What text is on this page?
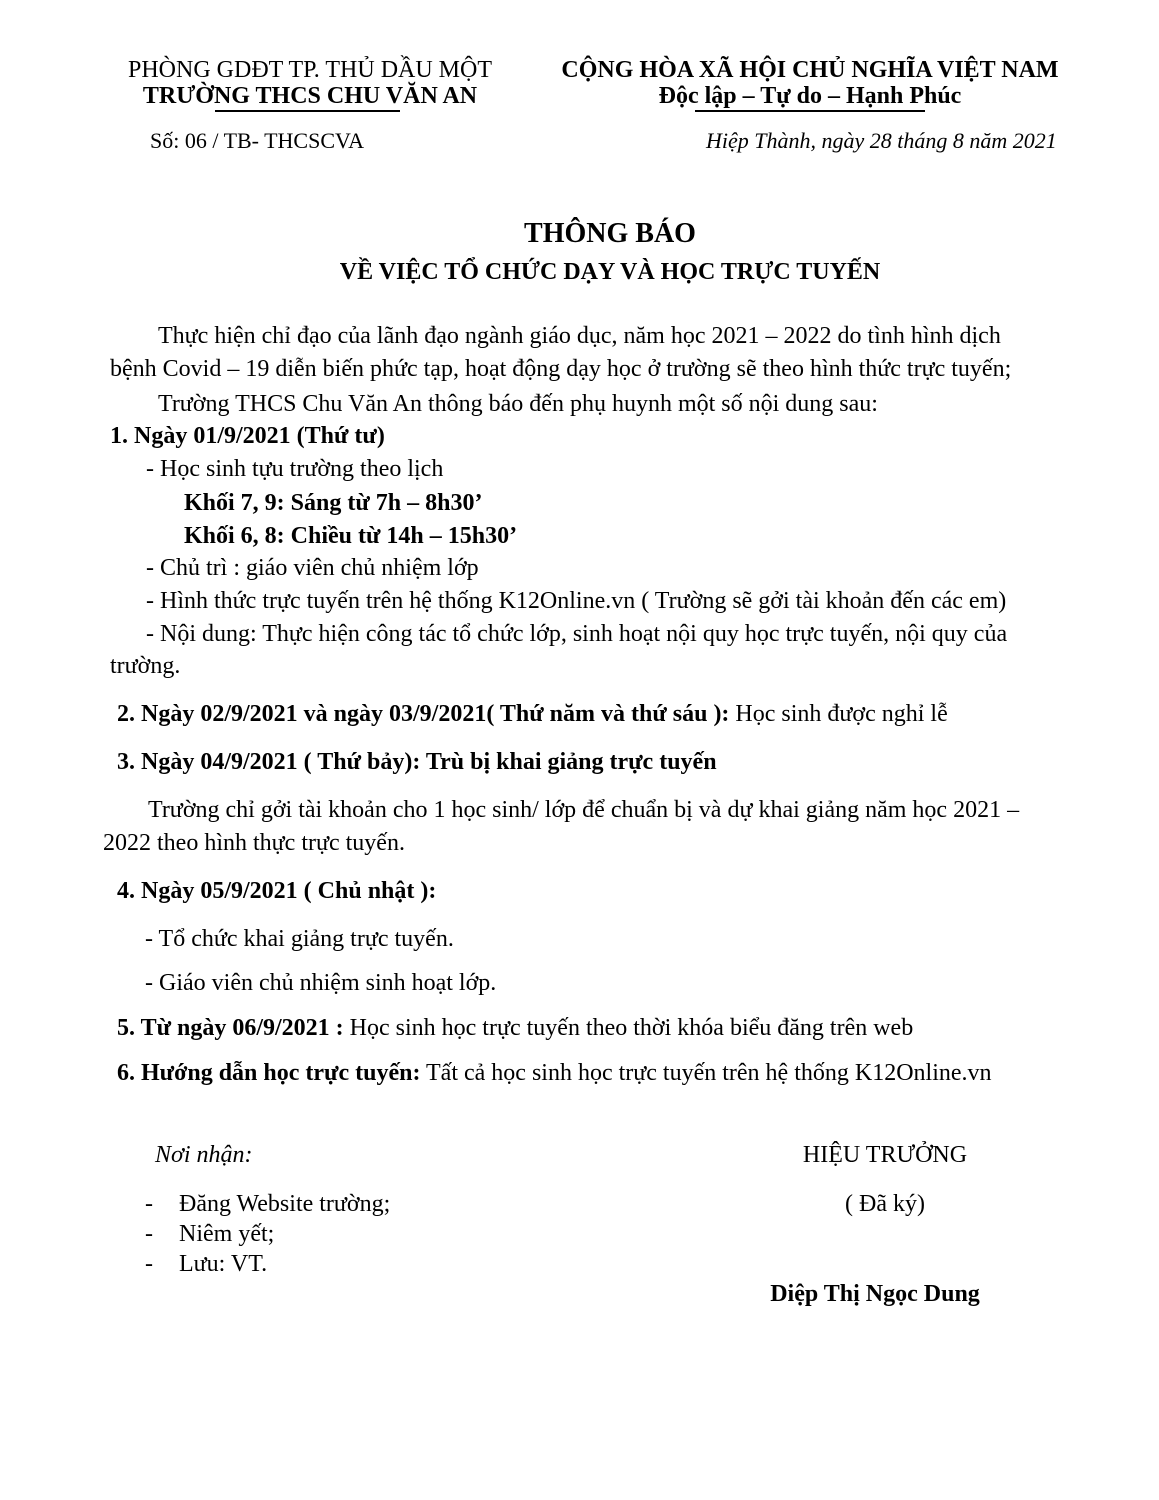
PHÒNG GDĐT TP. THỦ DẦU MỘT
TRƯỜNG THCS CHU VĂN AN
CỘNG HÒA XÃ HỘI CHỦ NGHĨA VIỆT NAM
Độc lập – Tự do – Hạnh Phúc
Số: 06 / TB- THCSCVA	Hiệp Thành, ngày 28 tháng 8 năm 2021
THÔNG BÁO
VỀ VIỆC TỔ CHỨC DẠY VÀ HỌC TRỰC TUYẾN
Thực hiện chỉ đạo của lãnh đạo ngành giáo dục, năm học 2021 – 2022 do tình hình dịch
bệnh Covid – 19 diễn biến phức tạp, hoạt động dạy học ở trường sẽ theo hình thức trực tuyến;
Trường THCS Chu Văn An thông báo đến phụ huynh một số nội dung sau:
1. Ngày 01/9/2021 (Thứ tư)
- Học sinh tựu trường theo lịch
Khối 7, 9: Sáng từ 7h – 8h30’
Khối 6, 8: Chiều từ 14h – 15h30’
- Chủ trì : giáo viên chủ nhiệm lớp
- Hình thức trực tuyến trên hệ thống K12Online.vn ( Trường sẽ gởi tài khoản đến các em)
- Nội dung: Thực hiện công tác tổ chức lớp, sinh hoạt nội quy học trực tuyến, nội quy của
trường.
2. Ngày 02/9/2021 và ngày 03/9/2021( Thứ năm và thứ sáu ): Học sinh được nghỉ lễ
3. Ngày 04/9/2021 ( Thứ bảy): Trù bị khai giảng trực tuyến
Trường chỉ gởi tài khoản cho 1 học sinh/ lớp để chuẩn bị và dự khai giảng năm học 2021 –
2022 theo hình thực trực tuyến.
4. Ngày 05/9/2021 ( Chủ nhật ):
- Tổ chức khai giảng trực tuyến.
- Giáo viên chủ nhiệm sinh hoạt lớp.
5. Từ ngày 06/9/2021 : Học sinh học trực tuyến theo thời khóa biểu đăng trên web
6. Hướng dẫn học trực tuyến: Tất cả học sinh học trực tuyến trên hệ thống K12Online.vn
Nơi nhận:
- Đăng Website trường;
- Niêm yết;
- Lưu: VT.
HIỆU TRƯỞNG
( Đã ký)
Diệp Thị Ngọc Dung
